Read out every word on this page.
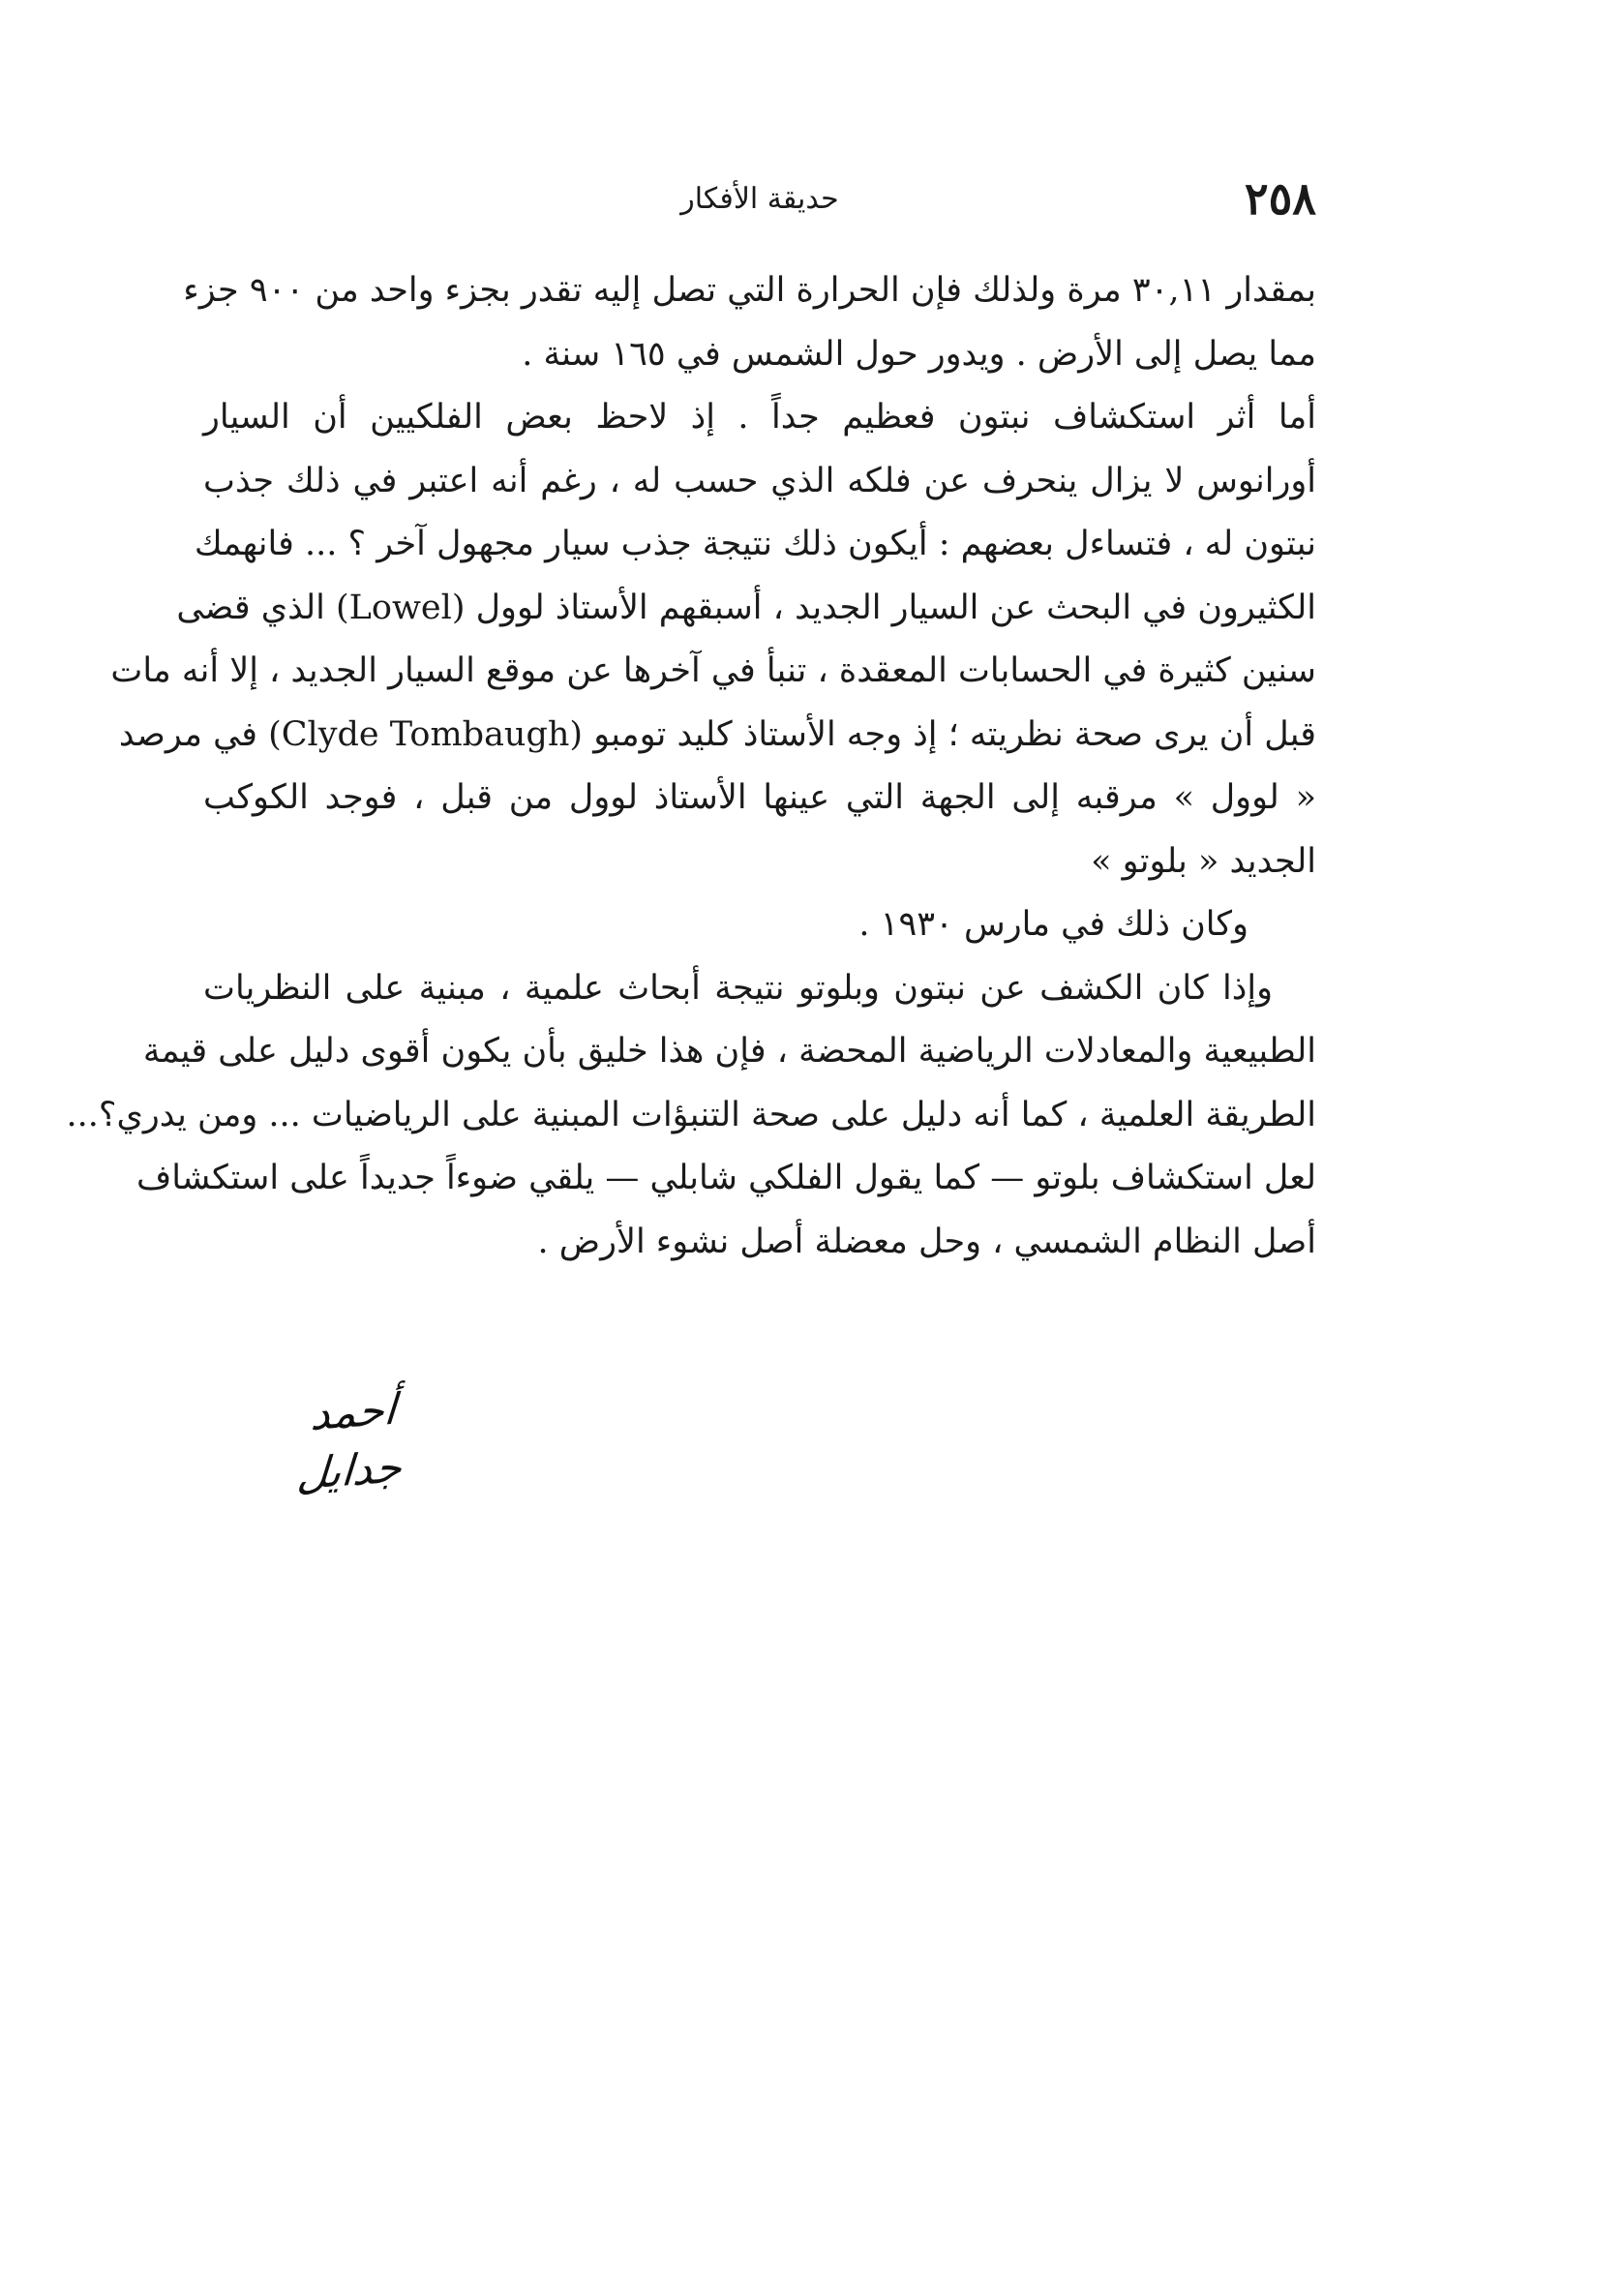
٢٥٨
حديقة الأفكار
بمقدار ٣٠,١١ مرة ولذلك فإن الحرارة التي تصل إليه تقدر بجزء واحد من ٩٠٠ جزء
مما يصل إلى الأرض . ويدور حول الشمس في ١٦٥ سنة .
أما أثر استكشاف نبتون فعظيم جداً . إذ لاحظ بعض الفلكيين أن السيار
أورانوس لا يزال ينحرف عن فلكه الذي حسب له ، رغم أنه اعتبر في ذلك جذب
نبتون له ، فتساءل بعضهم : أيكون ذلك نتيجة جذب سيار مجهول آخر ؟ ... فانهمك
الكثيرون في البحث عن السيار الجديد ، أسبقهم الأستاذ لوول (Lowel) الذي قضى
سنين كثيرة في الحسابات المعقدة ، تنبأ في آخرها عن موقع السيار الجديد ، إلا أنه مات
قبل أن يرى صحة نظريته ؛ إذ وجه الأستاذ كليد تومبو (Clyde Tombaugh) في مرصد
« لوول » مرقبه إلى الجهة التي عينها الأستاذ لوول من قبل ، فوجد الكوكب
الجديد « بلوتو »
وكان ذلك في مارس ١٩٣٠ .
وإذا كان الكشف عن نبتون وبلوتو نتيجة أبحاث علمية ، مبنية على النظريات
الطبيعية والمعادلات الرياضية المحضة ، فإن هذا خليق بأن يكون أقوى دليل على قيمة
الطريقة العلمية ، كما أنه دليل على صحة التنبؤات المبنية على الرياضيات ... ومن يدري؟...
لعل استكشاف بلوتو — كما يقول الفلكي شابلي — يلقي ضوءاً جديداً على استكشاف
أصل النظام الشمسي ، وحل معضلة أصل نشوء الأرض .
أحمد جدايل
